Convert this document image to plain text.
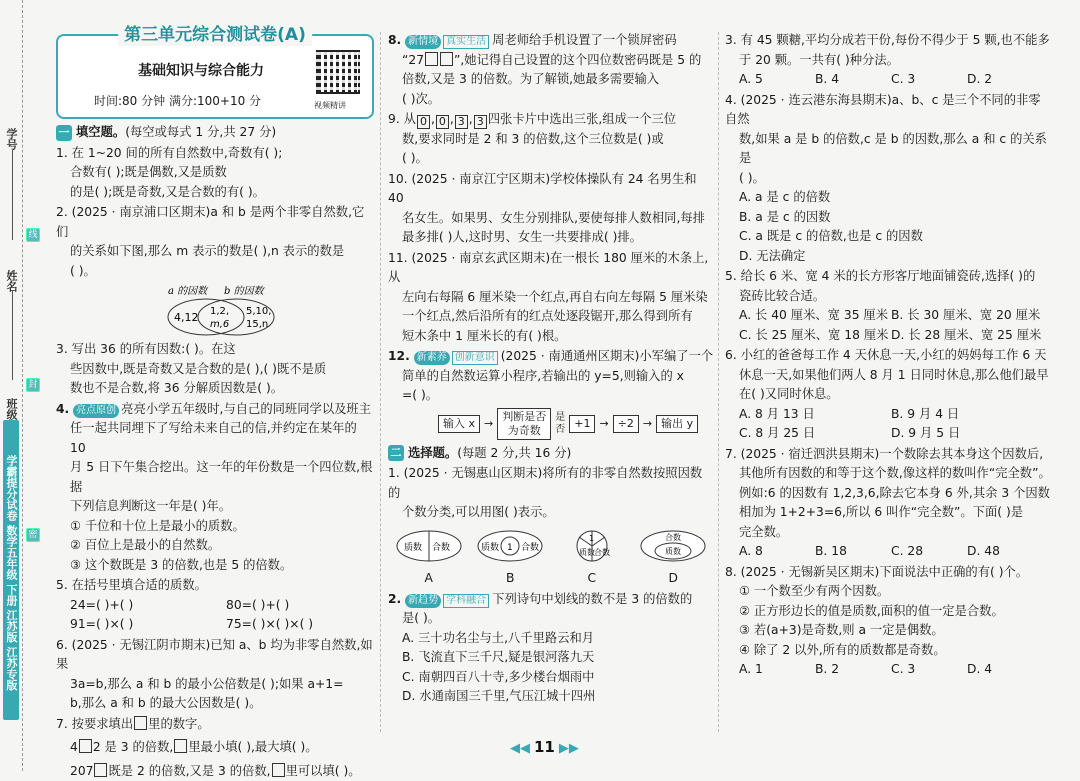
学号
姓名
班级
线
封
密
学霸提分试卷 数学五年级 下册 江苏版 江苏专版
第三单元综合测试卷(A)
基础知识与综合能力
时间:80 分钟 满分:100+10 分	视频精讲
一 填空题。 (每空或每式 1 分,共 27 分)
1. 在 1~20 间的所有自然数中,奇数有( );
合数有( );既是偶数,又是质数
的是( );既是奇数,又是合数的有( )。
2. (2025 · 南京浦口区期末)a 和 b 是两个非零自然数,它们
的关系如下图,那么 m 表示的数是( ),n 表示的数是
( )。
a 的因数 b 的因数
4,12 1,2,
m,6
5,10,
15,n
3. 写出 36 的所有因数:( )。在这
些因数中,既是奇数又是合数的是( ),( )既不是质
数也不是合数,将 36 分解质因数是( )。
4. 亮点原创 亮亮小学五年级时,与自己的同班同学以及班主
任一起共同埋下了写给未来自己的信,并约定在某年的 10
月 5 日下午集合挖出。这一年的年份数是一个四位数,根据
下列信息判断这一年是( )年。
① 千位和十位上是最小的质数。
② 百位上是最小的自然数。
③ 这个数既是 3 的倍数,也是 5 的倍数。
5. 在括号里填合适的质数。
24=( )+( )	80=( )+( )
91=( )×( )	75=( )×( )×( )
6. (2025 · 无锡江阴市期末)已知 a、b 均为非零自然数,如果
3a=b,那么 a 和 b 的最小公倍数是( );如果 a+1=
b,那么 a 和 b 的最大公因数是( )。
7. 按要求填出 里的数字。
4 2 是 3 的倍数, 里最小填( ),最大填( )。
207 既是 2 的倍数,又是 3 的倍数, 里可以填( )。
8. 新情境 真实生活 周老师给手机设置了一个锁屏密码
“27 ”,她记得自己设置的这个四位数密码既是 5 的
倍数,又是 3 的倍数。为了解锁,她最多需要输入
( )次。
9. 从 0 , 0 , 3 , 3 四张卡片中选出三张,组成一个三位
数,要求同时是 2 和 3 的倍数,这个三位数是( )或
( )。
10. (2025 · 南京江宁区期末)学校体操队有 24 名男生和 40
名女生。如果男、女生分别排队,要使每排人数相同,每排
最多排( )人,这时男、女生一共要排成( )排。
11. (2025 · 南京玄武区期末)在一根长 180 厘米的木条上,从
左向右每隔 6 厘米染一个红点,再自右向左每隔 5 厘米染
一个红点,然后沿所有的红点处逐段锯开,那么得到所有
短木条中 1 厘米长的有( )根。
12. 新素养 创新意识 (2025 · 南通通州区期末)小军编了一个
简单的自然数运算小程序,若输出的 y=5,则输入的 x
=( )。
输入 x →
判断是否
为奇数
是
否 +1 → ÷2 → 输出 y
二 选择题。 (每题 2 分,共 16 分)
1. (2025 · 无锡惠山区期末)将所有的非零自然数按照因数的
个数分类,可以用图( )表示。
质数 合数
A
质数 1 合数
B
质数
1
合数
C
合数
质数
D
2. 新趋势 学科融合 下列诗句中划线的数不是 3 的倍数的
是( )。
A. 三十功名尘与土,八千里路云和月
B. 飞流直下三千尺,疑是银河落九天
C. 南朝四百八十寺,多少楼台烟雨中
D. 水通南国三千里,气压江城十四州
3. 有 45 颗糖,平均分成若干份,每份不得少于 5 颗,也不能多
于 20 颗。一共有( )种分法。
A. 5	B. 4	C. 3	D. 2
4. (2025 · 连云港东海县期末)a、b、c 是三个不同的非零自然
数,如果 a 是 b 的倍数,c 是 b 的因数,那么 a 和 c 的关系是
( )。
A. a 是 c 的倍数
B. a 是 c 的因数
C. a 既是 c 的倍数,也是 c 的因数
D. 无法确定
5. 给长 6 米、宽 4 米的长方形客厅地面铺瓷砖,选择( )的
瓷砖比较合适。
A. 长 40 厘米、宽 35 厘米 B. 长 30 厘米、宽 20 厘米
C. 长 25 厘米、宽 18 厘米 D. 长 28 厘米、宽 25 厘米
6. 小红的爸爸每工作 4 天休息一天,小红的妈妈每工作 6 天
休息一天,如果他们两人 8 月 1 日同时休息,那么他们最早
在( )又同时休息。
A. 8 月 13 日	B. 9 月 4 日
C. 8 月 25 日	D. 9 月 5 日
7. (2025 · 宿迁泗洪县期末)一个数除去其本身这个因数后,
其他所有因数的和等于这个数,像这样的数叫作“完全数”。
例如:6 的因数有 1,2,3,6,除去它本身 6 外,其余 3 个因数
相加为 1+2+3=6,所以 6 叫作“完全数”。下面( )是
完全数。
A. 8	B. 18	C. 28	D. 48
8. (2025 · 无锡新吴区期末)下面说法中正确的有( )个。
① 一个数至少有两个因数。
② 正方形边长的值是质数,面积的值一定是合数。
③ 若(a+3)是奇数,则 a 一定是偶数。
④ 除了 2 以外,所有的质数都是奇数。
A. 1	B. 2	C. 3	D. 4
◀◀ 11 ▶▶
